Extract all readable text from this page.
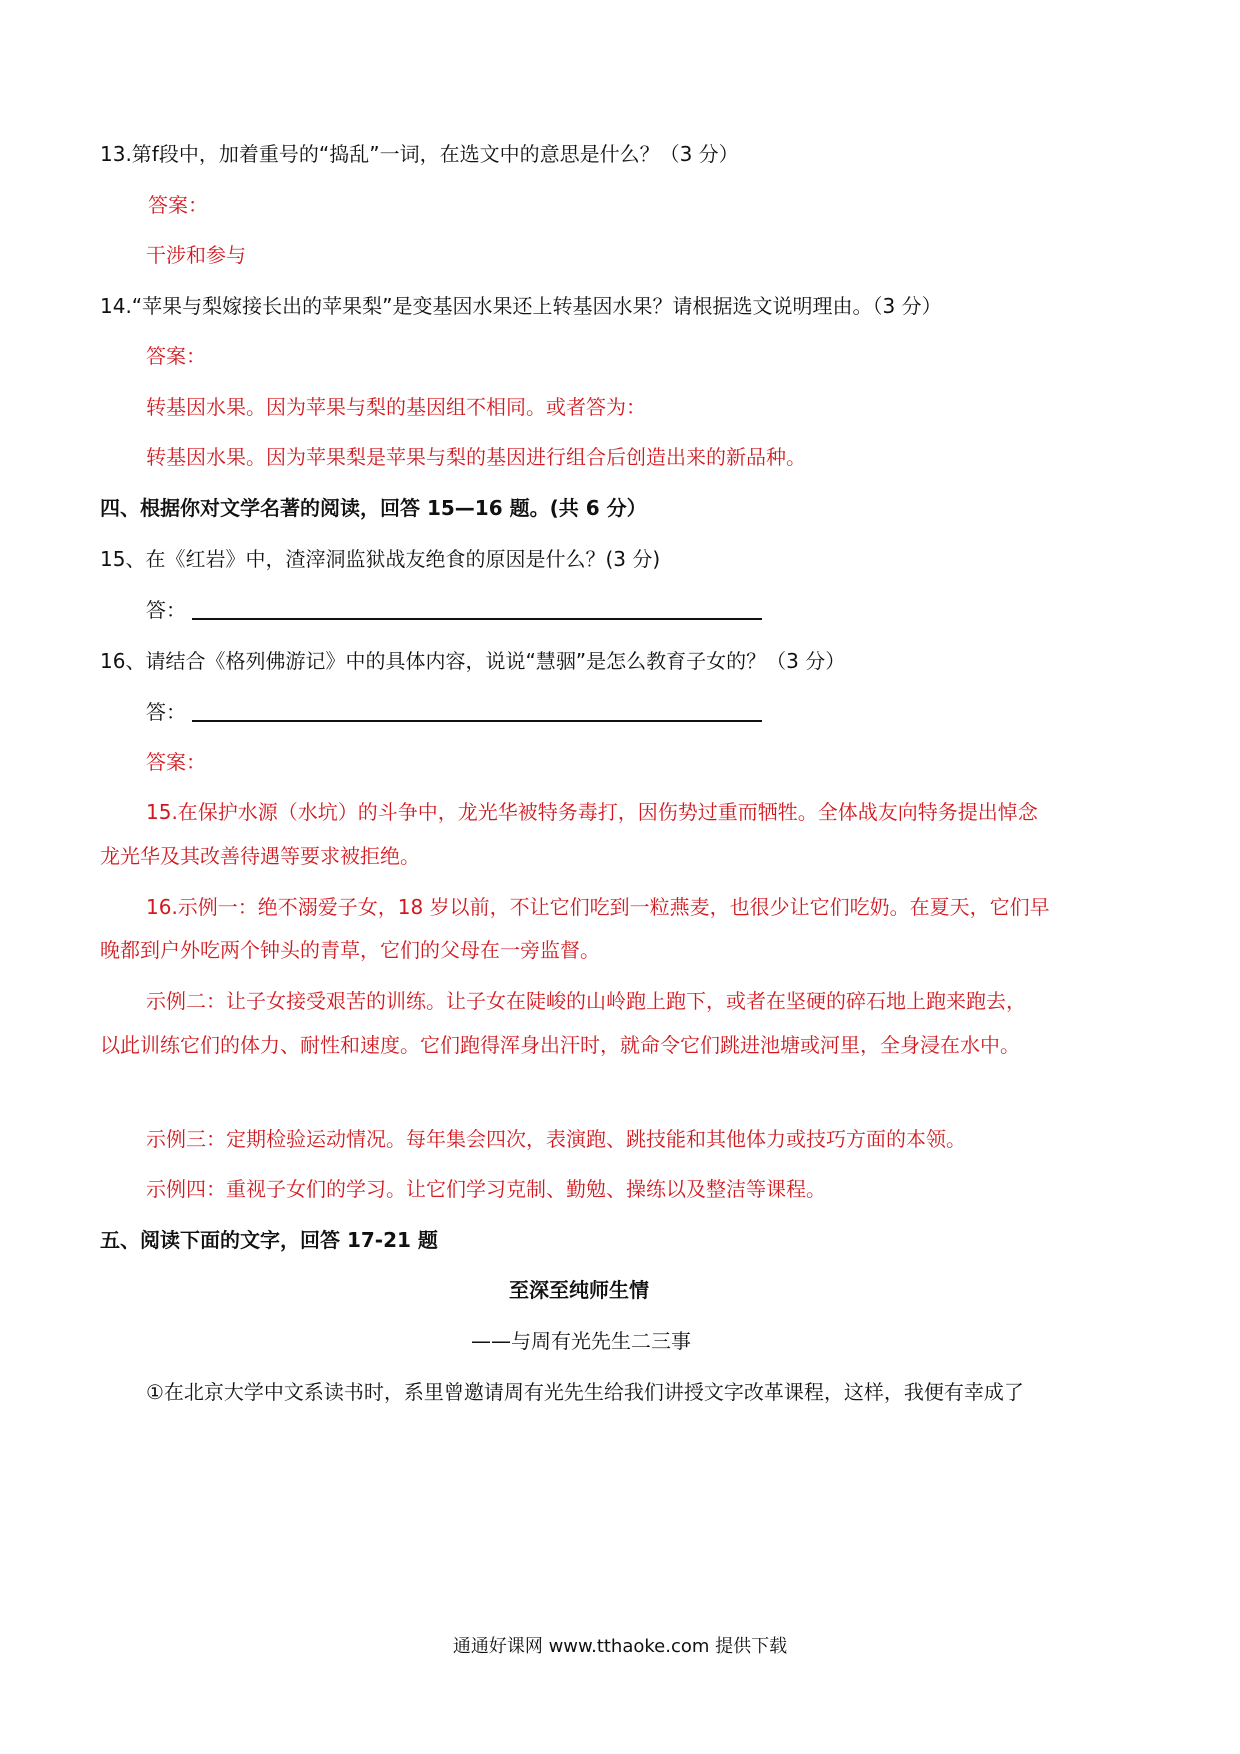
13.第f段中，加着重号的“捣乱”一词，在选文中的意思是什么？（3 分）
答案：
干涉和参与
14.“苹果与梨嫁接长出的苹果梨”是变基因水果还上转基因水果？请根据选文说明理由。（3 分）
答案：
转基因水果。因为苹果与梨的基因组不相同。或者答为：
转基因水果。因为苹果梨是苹果与梨的基因进行组合后创造出来的新品种。
四、根据你对文学名著的阅读，回答 15—16 题。(共 6 分）
15、在《红岩》中，渣滓洞监狱战友绝食的原因是什么？(3 分)
答：
16、请结合《格列佛游记》中的具体内容，说说“慧骃”是怎么教育子女的？（3 分）
答：
答案：
15.在保护水源（水坑）的斗争中，龙光华被特务毒打，因伤势过重而牺牲。全体战友向特务提出悼念
龙光华及其改善待遇等要求被拒绝。
16.示例一：绝不溺爱子女，18 岁以前，不让它们吃到一粒燕麦，也很少让它们吃奶。在夏天，它们早
晚都到户外吃两个钟头的青草，它们的父母在一旁监督。
示例二：让子女接受艰苦的训练。让子女在陡峻的山岭跑上跑下，或者在坚硬的碎石地上跑来跑去，
以此训练它们的体力、耐性和速度。它们跑得浑身出汗时，就命令它们跳进池塘或河里，全身浸在水中。
示例三：定期检验运动情况。每年集会四次，表演跑、跳技能和其他体力或技巧方面的本领。
示例四：重视子女们的学习。让它们学习克制、勤勉、操练以及整洁等课程。
五、阅读下面的文字，回答 17-21 题
至深至纯师生情
——与周有光先生二三事
①在北京大学中文系读书时，系里曾邀请周有光先生给我们讲授文字改革课程，这样，我便有幸成了
通通好课网 www.tthaoke.com 提供下载
